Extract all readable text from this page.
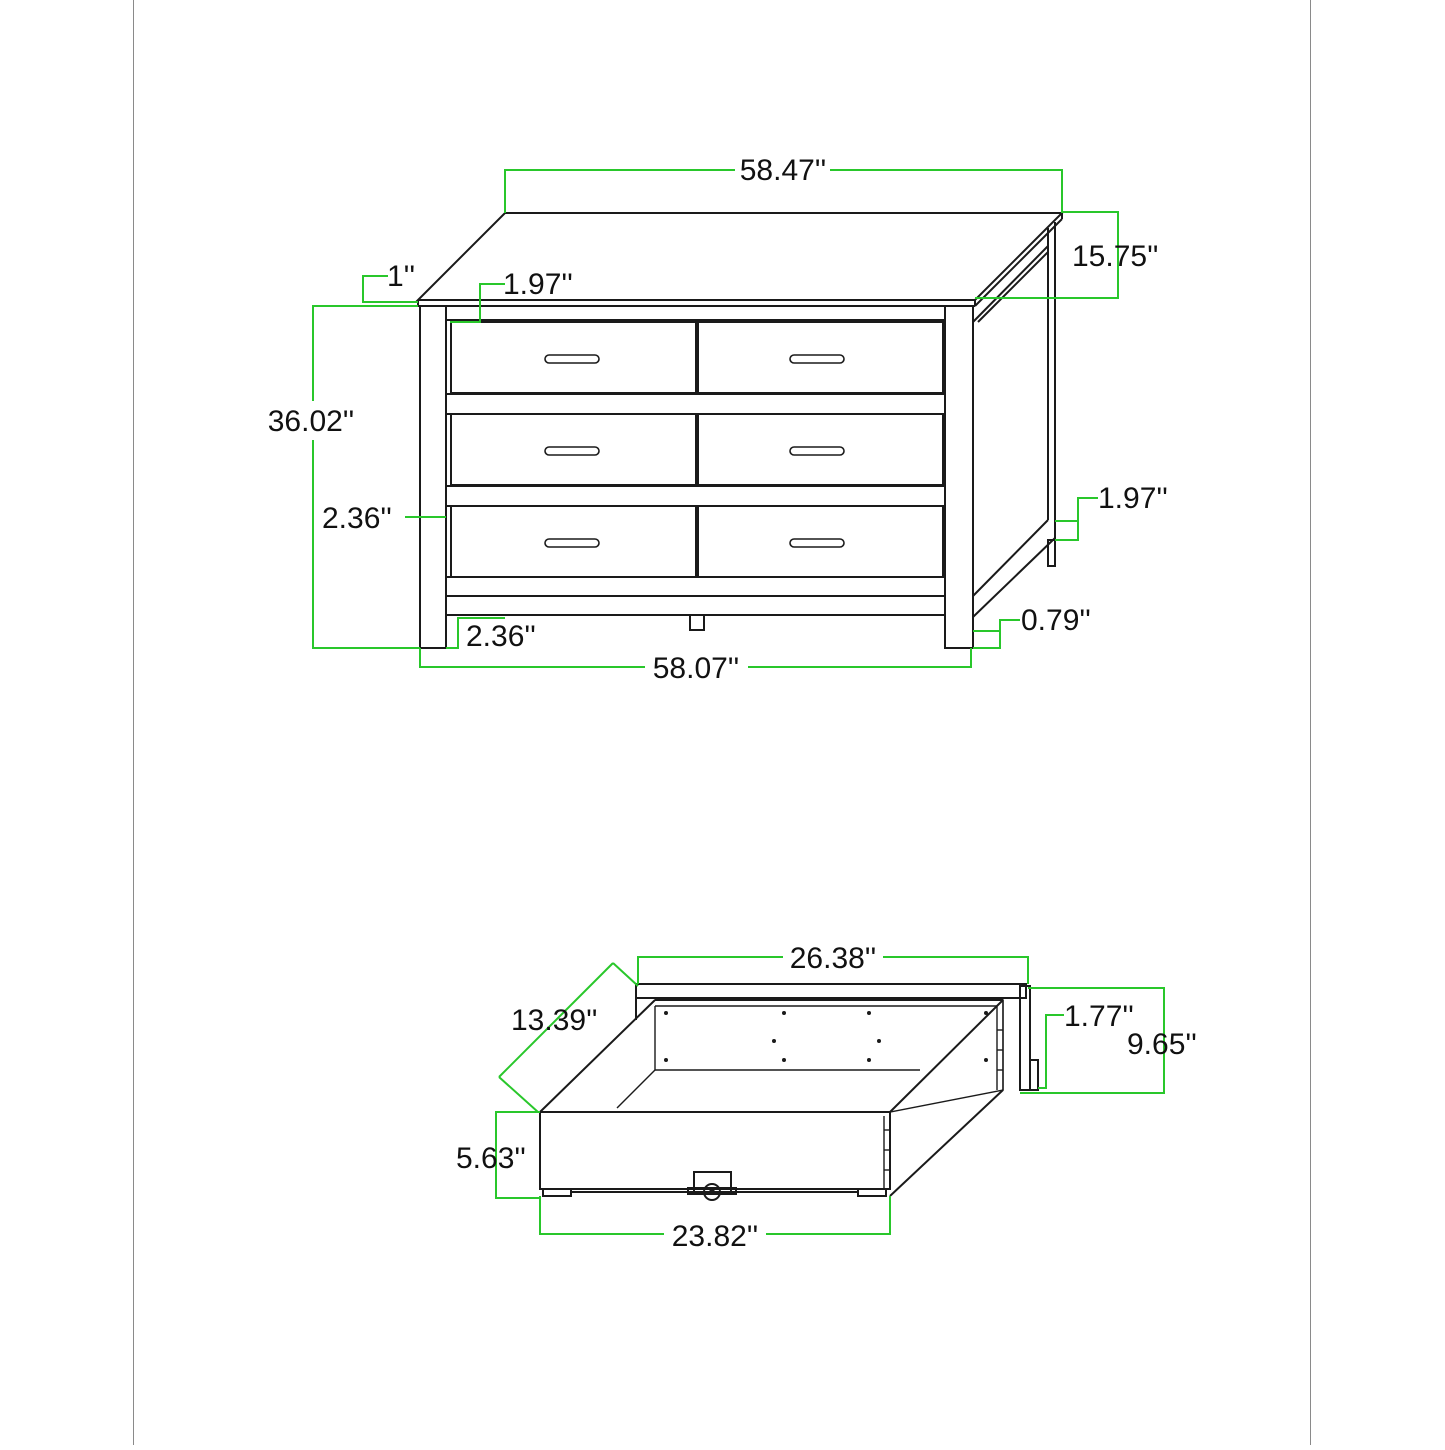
58.47''
15.75''
1''	1.97''
36.02''
2.36''
1.97''
0.79''
2.36''
58.07''
26.38''
13.39''	1.77''
9.65''
5.63''
23.82''
